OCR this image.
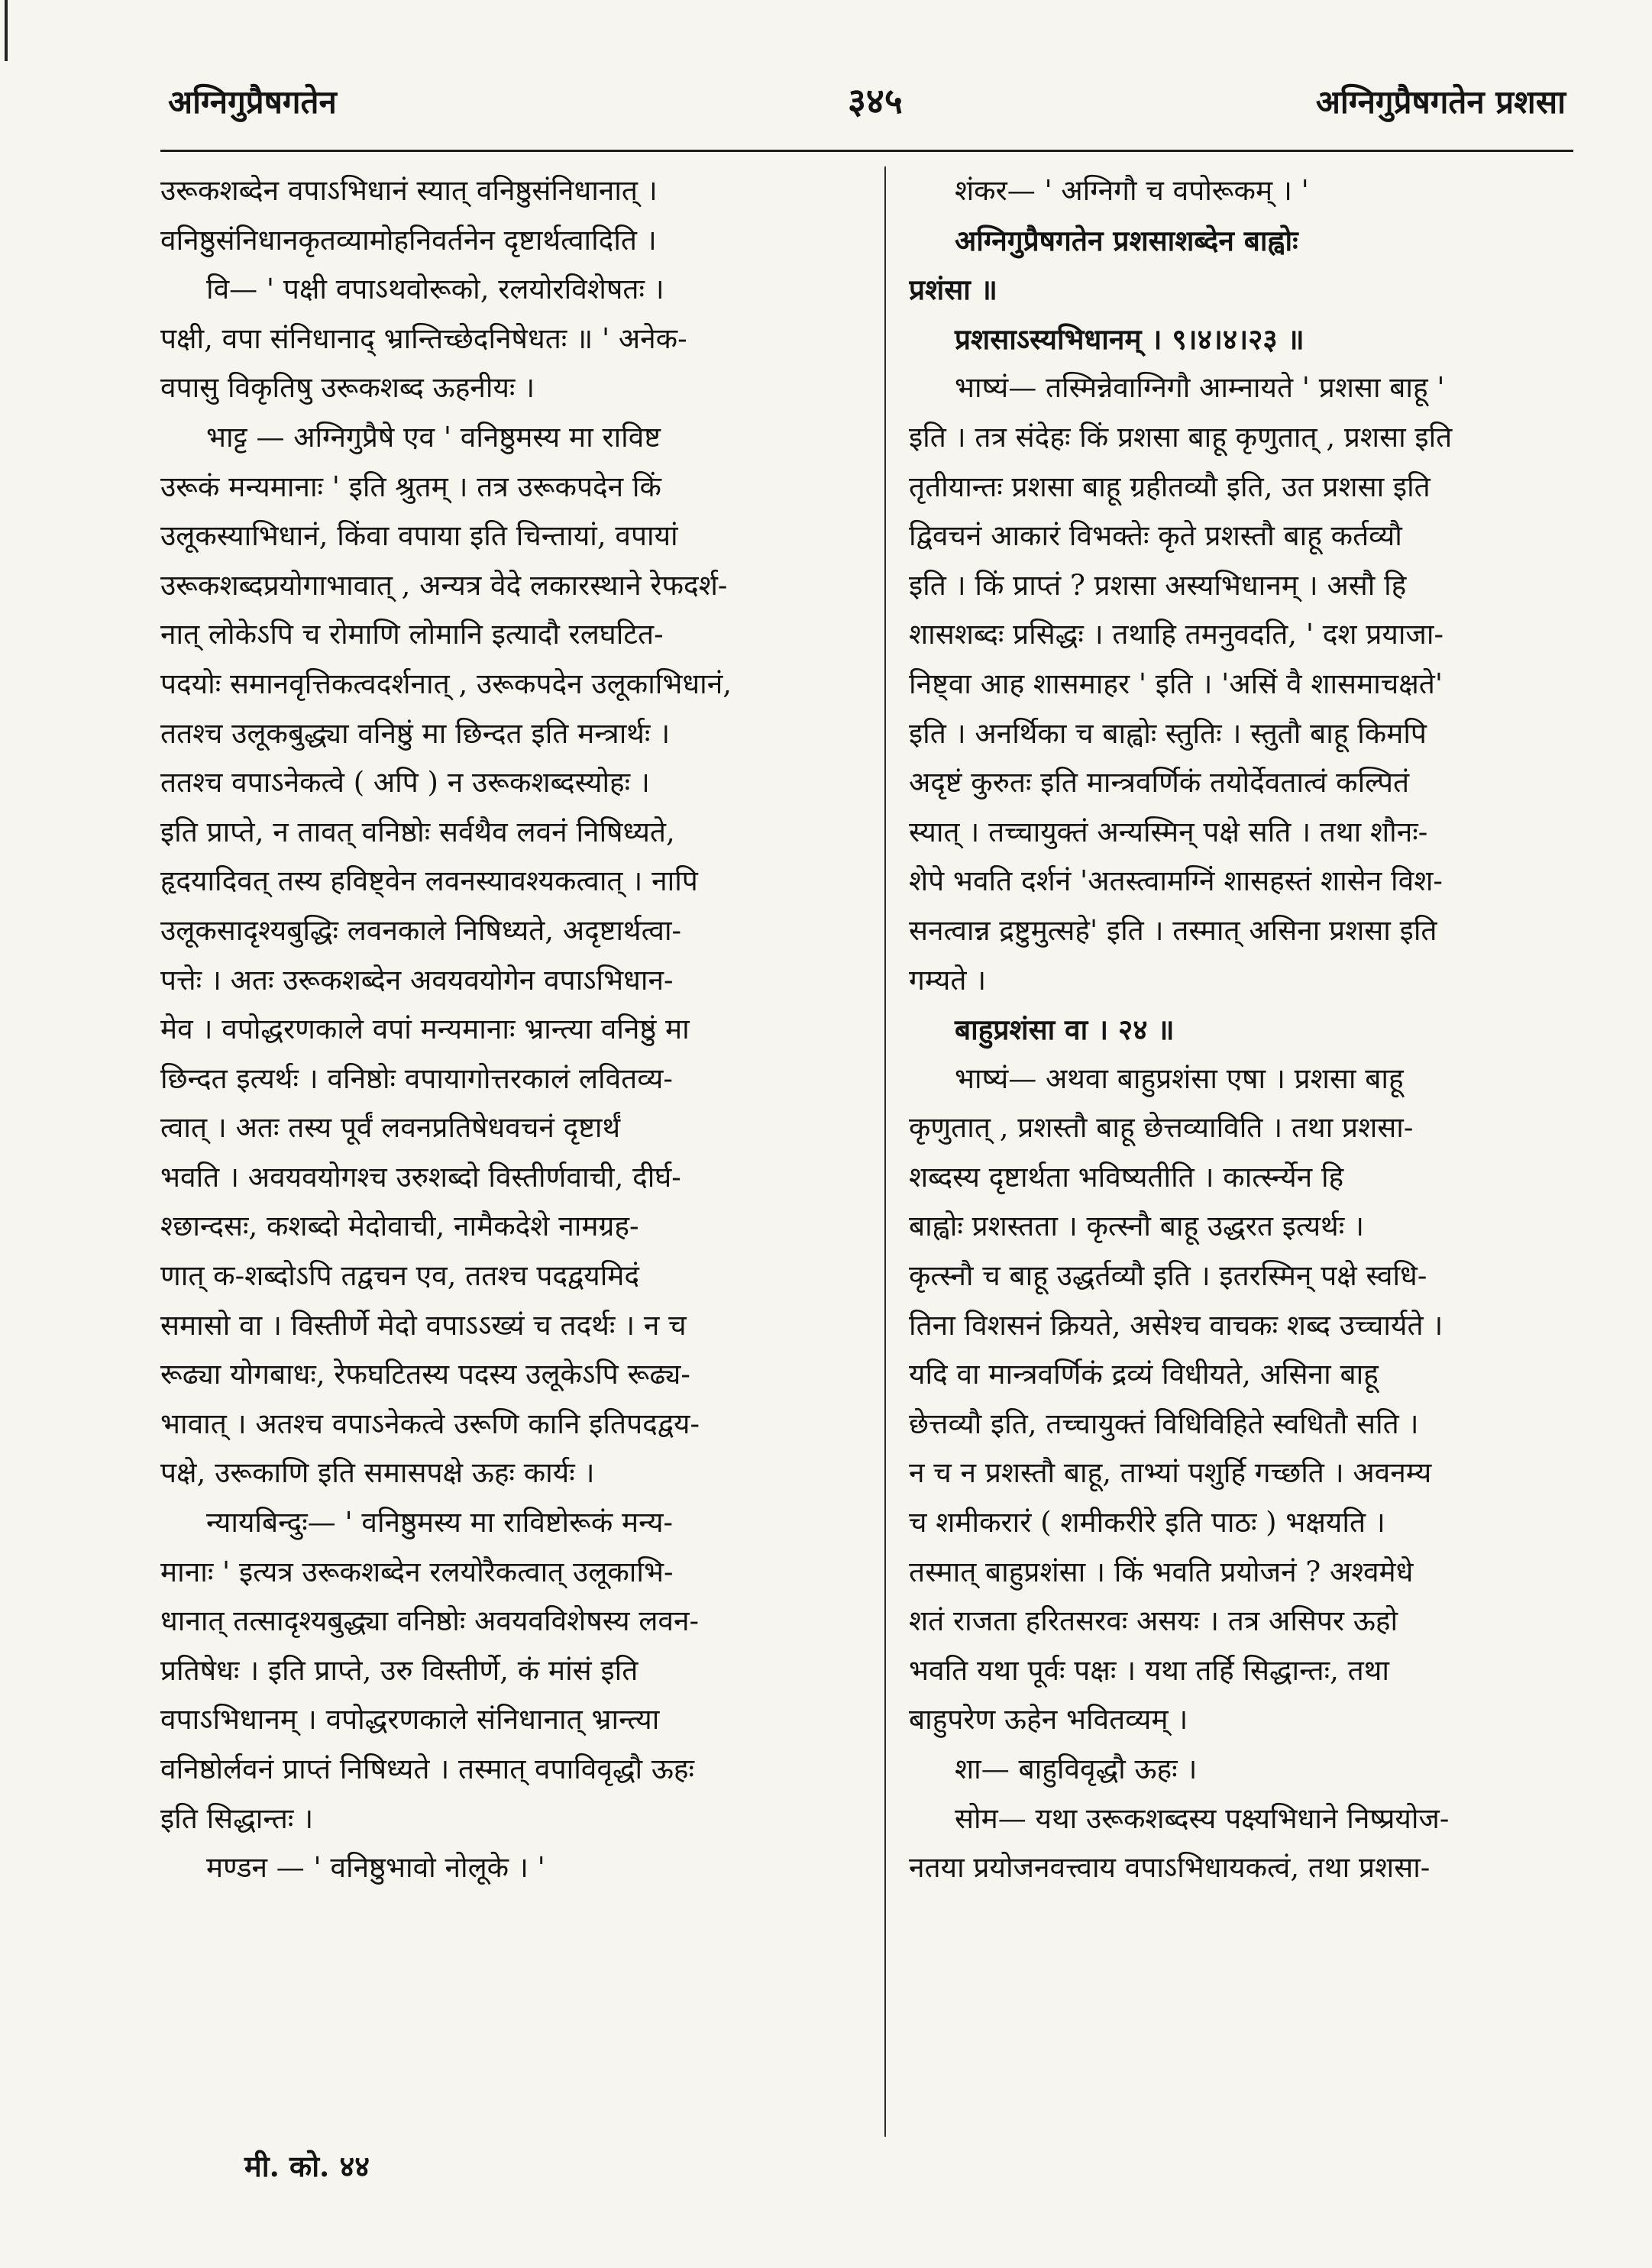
अग्निगुप्रैषगतेन	३४५	अग्निगुप्रैषगतेन प्रशसा

उरूकशब्देन वपाऽभिधानं स्यात् वनिष्ठुसंनिधानात् ।

वनिष्ठुसंनिधानकृतव्यामोहनिवर्तनेन दृष्टार्थत्वादिति ।

वि— ' पक्षी वपाऽथवोरूको, रलयोरविशेषतः ।

पक्षी, वपा संनिधानाद् भ्रान्तिच्छेदनिषेधतः ॥ ' अनेक-

वपासु विकृतिषु उरूकशब्द ऊहनीयः ।

भाट्ट — अग्निगुप्रैषे एव ' वनिष्ठुमस्य मा राविष्ट

उरूकं मन्यमानाः ' इति श्रुतम् । तत्र उरूकपदेन किं

उलूकस्याभिधानं, किंवा वपाया इति चिन्तायां, वपायां

उरूकशब्दप्रयोगाभावात् , अन्यत्र वेदे लकारस्थाने रेफदर्श-

नात् लोकेऽपि च रोमाणि लोमानि इत्यादौ रलघटित-

पदयोः समानवृत्तिकत्वदर्शनात् , उरूकपदेन उलूकाभिधानं,

ततश्च उलूकबुद्ध्या वनिष्ठुं मा छिन्दत इति मन्त्रार्थः ।

ततश्च वपाऽनेकत्वे ( अपि ) न उरूकशब्दस्योहः ।

इति प्राप्ते, न तावत् वनिष्ठोः सर्वथैव लवनं निषिध्यते,

हृदयादिवत् तस्य हविष्ट्वेन लवनस्यावश्यकत्वात् । नापि

उलूकसादृश्यबुद्धिः लवनकाले निषिध्यते, अदृष्टार्थत्वा-

पत्तेः । अतः उरूकशब्देन अवयवयोगेन वपाऽभिधान-

मेव । वपोद्धरणकाले वपां मन्यमानाः भ्रान्त्या वनिष्ठुं मा

छिन्दत इत्यर्थः । वनिष्ठोः वपायागोत्तरकालं लवितव्य-

त्वात् । अतः तस्य पूर्वं लवनप्रतिषेधवचनं दृष्टार्थं

भवति । अवयवयोगश्च उरुशब्दो विस्तीर्णवाची, दीर्घ-

श्छान्दसः, कशब्दो मेदोवाची, नामैकदेशे नामग्रह-

णात् क-शब्दोऽपि तद्वचन एव, ततश्च पदद्वयमिदं

समासो वा । विस्तीर्णे मेदो वपाऽऽख्यं च तदर्थः । न च

रूढ्या योगबाधः, रेफघटितस्य पदस्य उलूकेऽपि रूढ्य-

भावात् । अतश्च वपाऽनेकत्वे उरूणि कानि इतिपदद्वय-

पक्षे, उरूकाणि इति समासपक्षे ऊहः कार्यः ।

न्यायबिन्दुः— ' वनिष्ठुमस्य मा राविष्टोरूकं मन्य-

मानाः ' इत्यत्र उरूकशब्देन रलयोरैकत्वात् उलूकाभि-

धानात् तत्सादृश्यबुद्ध्या वनिष्ठोः अवयवविशेषस्य लवन-

प्रतिषेधः । इति प्राप्ते, उरु विस्तीर्णे, कं मांसं इति

वपाऽभिधानम् । वपोद्धरणकाले संनिधानात् भ्रान्त्या

वनिष्ठोर्लवनं प्राप्तं निषिध्यते । तस्मात् वपाविवृद्धौ ऊहः

इति सिद्धान्तः ।

मण्डन — ' वनिष्ठुभावो नोलूके । '

शंकर— ' अग्निगौ च वपोरूकम् । '

अग्निगुप्रैषगतेन प्रशसाशब्देन बाह्वोः

प्रशंसा ॥

प्रशसाऽस्यभिधानम् । ९।४।४।२३ ॥

भाष्यं— तस्मिन्नेवाग्निगौ आम्नायते ' प्रशसा बाहू '

इति । तत्र संदेहः किं प्रशसा बाहू कृणुतात् , प्रशसा इति

तृतीयान्तः प्रशसा बाहू ग्रहीतव्यौ इति, उत प्रशसा इति

द्विवचनं आकारं विभक्तेः कृते प्रशस्तौ बाहू कर्तव्यौ

इति । किं प्राप्तं ? प्रशसा अस्यभिधानम् । असौ हि

शासशब्दः प्रसिद्धः । तथाहि तमनुवदति, ' दश प्रयाजा-

निष्ट्वा आह शासमाहर ' इति । 'असिं वै शासमाचक्षते'

इति । अनर्थिका च बाह्वोः स्तुतिः । स्तुतौ बाहू किमपि

अदृष्टं कुरुतः इति मान्त्रवर्णिकं तयोर्देवतात्वं कल्पितं

स्यात् । तच्चायुक्तं अन्यस्मिन् पक्षे सति । तथा शौनः-

शेपे भवति दर्शनं 'अतस्त्वामग्निं शासहस्तं शासेन विश-

सनत्वान्न द्रष्टुमुत्सहे' इति । तस्मात् असिना प्रशसा इति

गम्यते ।

बाहुप्रशंसा वा । २४ ॥

भाष्यं— अथवा बाहुप्रशंसा एषा । प्रशसा बाहू

कृणुतात् , प्रशस्तौ बाहू छेत्तव्याविति । तथा प्रशसा-

शब्दस्य दृष्टार्थता भविष्यतीति । कार्त्स्न्येन हि

बाह्वोः प्रशस्तता । कृत्स्नौ बाहू उद्धरत इत्यर्थः ।

कृत्स्नौ च बाहू उद्धर्तव्यौ इति । इतरस्मिन् पक्षे स्वधि-

तिना विशसनं क्रियते, असेश्च वाचकः शब्द उच्चार्यते ।

यदि वा मान्त्रवर्णिकं द्रव्यं विधीयते, असिना बाहू

छेत्तव्यौ इति, तच्चायुक्तं विधिविहिते स्वधितौ सति ।

न च न प्रशस्तौ बाहू, ताभ्यां पशुर्हि गच्छति । अवनम्य

च शमीकरारं ( शमीकरीरे इति पाठः ) भक्षयति ।

तस्मात् बाहुप्रशंसा । किं भवति प्रयोजनं ? अश्वमेधे

शतं राजता हरितसरवः असयः । तत्र असिपर ऊहो

भवति यथा पूर्वः पक्षः । यथा तर्हि सिद्धान्तः, तथा

बाहुपरेण ऊहेन भवितव्यम् ।

शा— बाहुविवृद्धौ ऊहः ।

सोम— यथा उरूकशब्दस्य पक्ष्यभिधाने निष्प्रयोज-

नतया प्रयोजनवत्त्वाय वपाऽभिधायकत्वं, तथा प्रशसा-

मी. को. ४४
